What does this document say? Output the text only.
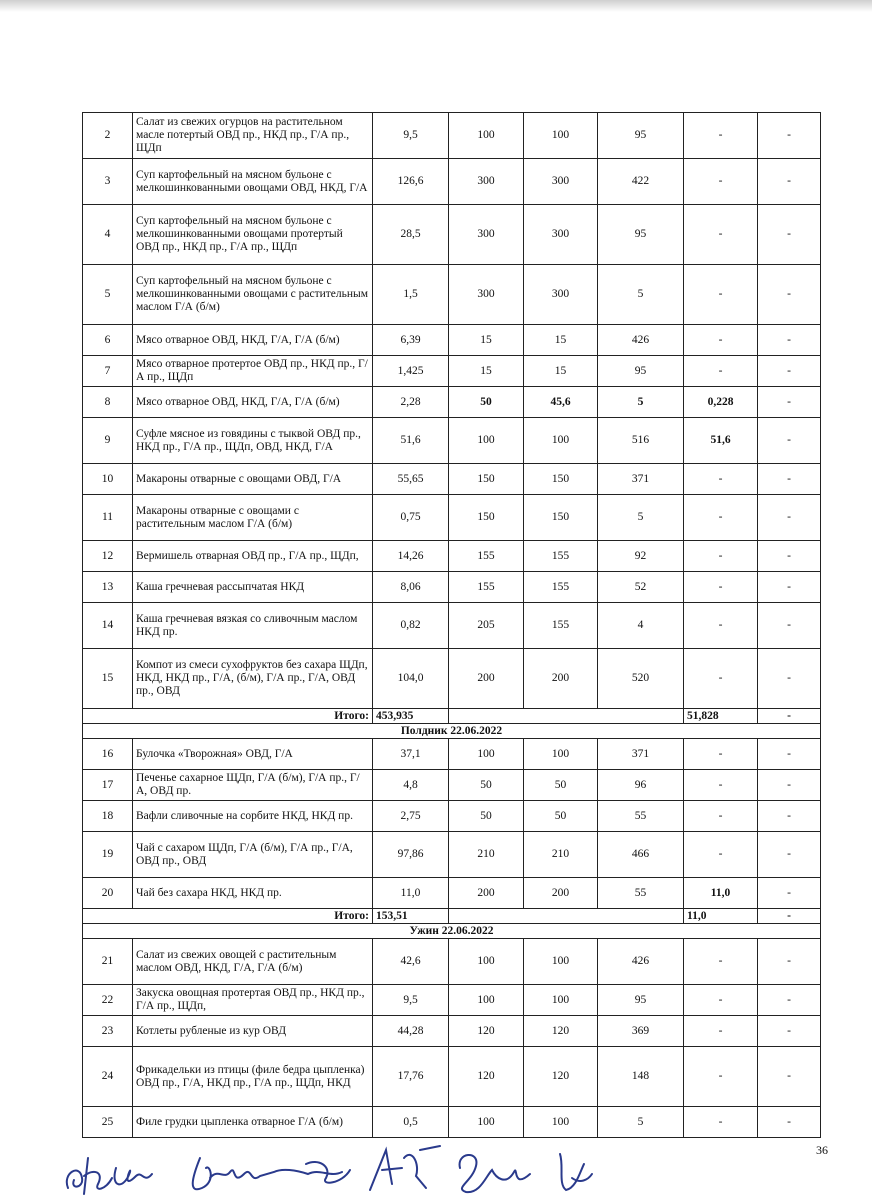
2	Салат из свежих огурцов на растительном масле потертый ОВД пр., НКД пр., Г/А пр., ЩДп	9,5	100	100	95	-	-
3	Суп картофельный на мясном бульоне с мелкошинкованными овощами ОВД, НКД, Г/А	126,6	300	300	422	-	-
4	Суп картофельный на мясном бульоне с мелкошинкованными овощами протертый ОВД пр., НКД пр., Г/А пр., ЩДп	28,5	300	300	95	-	-
5	Суп картофельный на мясном бульоне с мелкошинкованными овощами с растительным маслом Г/А (б/м)	1,5	300	300	5	-	-
6	Мясо отварное ОВД, НКД, Г/А, Г/А (б/м)	6,39	15	15	426	-	-
7	Мясо отварное протертое ОВД пр., НКД пр., Г/А пр., ЩДп	1,425	15	15	95	-	-
8	Мясо отварное ОВД, НКД, Г/А, Г/А (б/м)	2,28	50	45,6	5	0,228	-
9	Суфле мясное из говядины с тыквой ОВД пр., НКД пр., Г/А пр., ЩДп, ОВД, НКД, Г/А	51,6	100	100	516	51,6	-
10	Макароны отварные с овощами ОВД, Г/А	55,65	150	150	371	-	-
11	Макароны отварные с овощами с растительным маслом Г/А (б/м)	0,75	150	150	5	-	-
12	Вермишель отварная ОВД пр., Г/А пр., ЩДп,	14,26	155	155	92	-	-
13	Каша гречневая рассыпчатая НКД	8,06	155	155	52	-	-
14	Каша гречневая вязкая со сливочным маслом НКД пр.	0,82	205	155	4	-	-
15	Компот из смеси сухофруктов без сахара ЩДп, НКД, НКД пр., Г/А, (б/м), Г/А пр., Г/А, ОВД пр., ОВД	104,0	200	200	520	-	-
Итого:		453,935				51,828	-
Полдник 22.06.2022							
16	Булочка «Творожная» ОВД, Г/А	37,1	100	100	371	-	-
17	Печенье сахарное ЩДп, Г/А (б/м), Г/А пр., Г/А, ОВД пр.	4,8	50	50	96	-	-
18	Вафли сливочные на сорбите НКД, НКД пр.	2,75	50	50	55	-	-
19	Чай с сахаром ЩДп, Г/А (б/м), Г/А пр., Г/А, ОВД пр., ОВД	97,86	210	210	466	-	-
20	Чай без сахара НКД, НКД пр.	11,0	200	200	55	11,0	-
Итого:		153,51				11,0	-
Ужин 22.06.2022							
21	Салат из свежих овощей с растительным маслом ОВД, НКД, Г/А, Г/А (б/м)	42,6	100	100	426	-	-
22	Закуска овощная протертая ОВД пр., НКД пр., Г/А пр., ЩДп,	9,5	100	100	95	-	-
23	Котлеты рубленые из кур ОВД	44,28	120	120	369	-	-
24	Фрикадельки из птицы (филе бедра цыпленка) ОВД пр., Г/А, НКД пр., Г/А пр., ЩДп, НКД	17,76	120	120	148	-	-
25	Филе грудки цыпленка отварное Г/А (б/м)	0,5	100	100	5	-	-
36
